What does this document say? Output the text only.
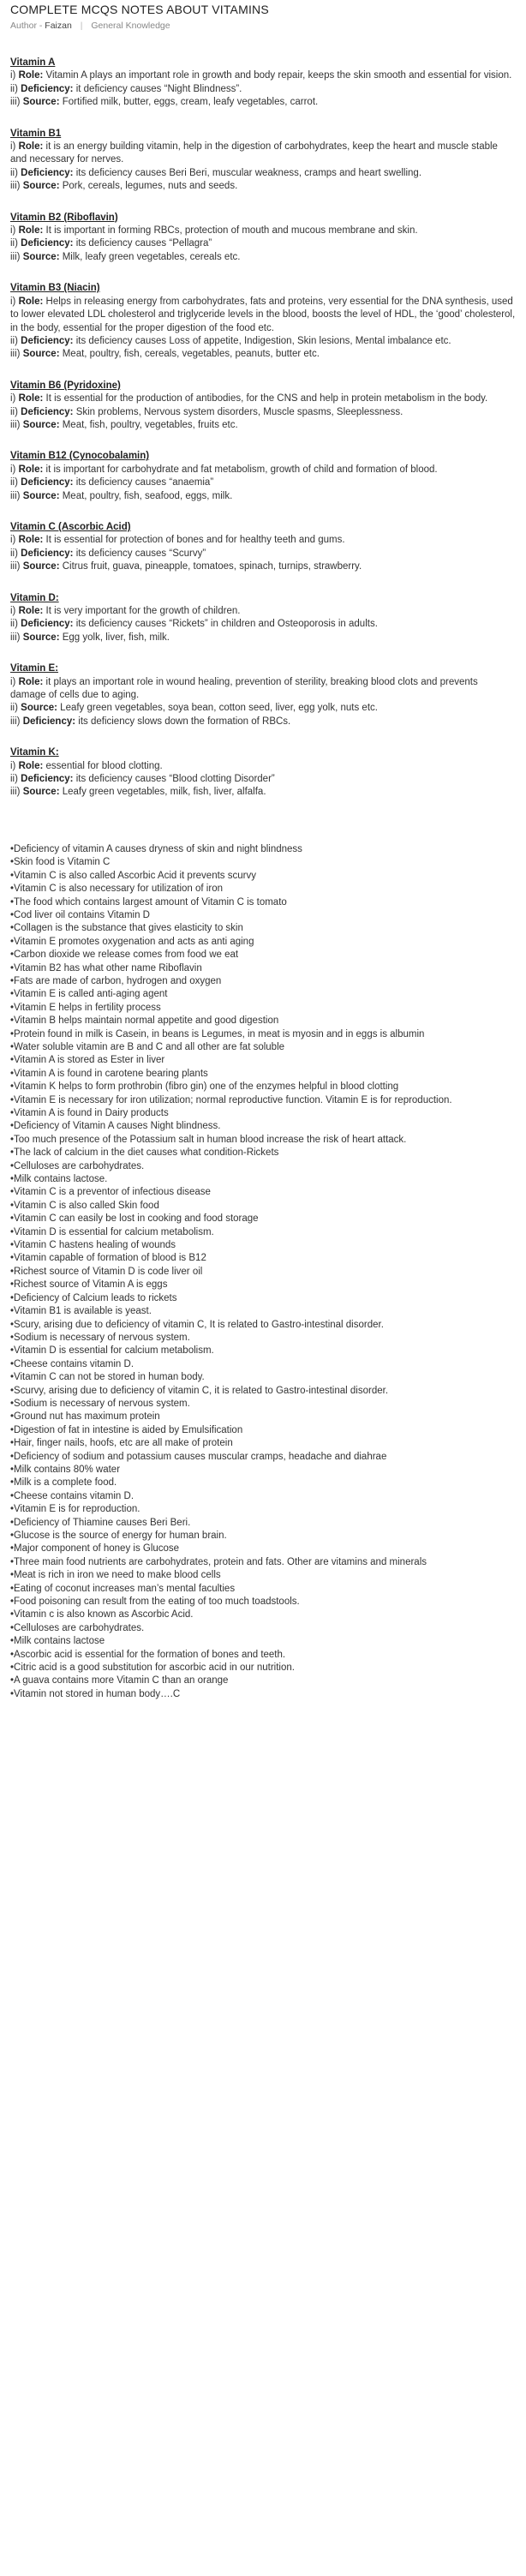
COMPLETE MCQS NOTES ABOUT VITAMINS
Author - Faizan | General Knowledge
Vitamin A
i) Role: Vitamin A plays an important role in growth and body repair, keeps the skin smooth and essential for vision.
ii) Deficiency: it deficiency causes “Night Blindness”.
iii) Source: Fortified milk, butter, eggs, cream, leafy vegetables, carrot.
Vitamin B1
i) Role: it is an energy building vitamin, help in the digestion of carbohydrates, keep the heart and muscle stable and necessary for nerves.
ii) Deficiency: its deficiency causes Beri Beri, muscular weakness, cramps and heart swelling.
iii) Source: Pork, cereals, legumes, nuts and seeds.
Vitamin B2 (Riboflavin)
i) Role: It is important in forming RBCs, protection of mouth and mucous membrane and skin.
ii) Deficiency: its deficiency causes “Pellagra”
iii) Source: Milk, leafy green vegetables, cereals etc.
Vitamin B3 (Niacin)
i) Role: Helps in releasing energy from carbohydrates, fats and proteins, very essential for the DNA synthesis, used to lower elevated LDL cholesterol and triglyceride levels in the blood, boosts the level of HDL, the ‘good’ cholesterol, in the body, essential for the proper digestion of the food etc.
ii) Deficiency: its deficiency causes Loss of appetite, Indigestion, Skin lesions, Mental imbalance etc.
iii) Source: Meat, poultry, fish, cereals, vegetables, peanuts, butter etc.
Vitamin B6 (Pyridoxine)
i) Role: It is essential for the production of antibodies, for the CNS and help in protein metabolism in the body.
ii) Deficiency: Skin problems, Nervous system disorders, Muscle spasms, Sleeplessness.
iii) Source: Meat, fish, poultry, vegetables, fruits etc.
Vitamin B12 (Cynocobalamin)
i) Role: it is important for carbohydrate and fat metabolism, growth of child and formation of blood.
ii) Deficiency: its deficiency causes “anaemia”
iii) Source: Meat, poultry, fish, seafood, eggs, milk.
Vitamin C (Ascorbic Acid)
i) Role: It is essential for protection of bones and for healthy teeth and gums.
ii) Deficiency: its deficiency causes “Scurvy”
iii) Source: Citrus fruit, guava, pineapple, tomatoes, spinach, turnips, strawberry.
Vitamin D:
i) Role: It is very important for the growth of children.
ii) Deficiency: its deficiency causes “Rickets” in children and Osteoporosis in adults.
iii) Source: Egg yolk, liver, fish, milk.
Vitamin E:
i) Role: it plays an important role in wound healing, prevention of sterility, breaking blood clots and prevents damage of cells due to aging.
ii) Source: Leafy green vegetables, soya bean, cotton seed, liver, egg yolk, nuts etc.
iii) Deficiency: its deficiency slows down the formation of RBCs.
Vitamin K:
i) Role: essential for blood clotting.
ii) Deficiency: its deficiency causes “Blood clotting Disorder”
iii) Source: Leafy green vegetables, milk, fish, liver, alfalfa.
• Deficiency of vitamin A causes dryness of skin and night blindness
• Skin food is Vitamin C
• Vitamin C is also called Ascorbic Acid it prevents scurvy
• Vitamin C is also necessary for utilization of iron
• The food which contains largest amount of Vitamin C is tomato
• Cod liver oil contains Vitamin D
• Collagen is the substance that gives elasticity to skin
• Vitamin E promotes oxygenation and acts as anti aging
• Carbon dioxide we release comes from food we eat
• Vitamin B2 has what other name Riboflavin
• Fats are made of carbon, hydrogen and oxygen
• Vitamin E is called anti-aging agent
• Vitamin E helps in fertility process
• Vitamin B helps maintain normal appetite and good digestion
• Protein found in milk is Casein, in beans is Legumes, in meat is myosin and in eggs is albumin
• Water soluble vitamin are B and C and all other are fat soluble
• Vitamin A is stored as Ester in liver
• Vitamin A is found in carotene bearing plants
• Vitamin K helps to form prothrobin (fibro gin) one of the enzymes helpful in blood clotting
• Vitamin E is necessary for iron utilization; normal reproductive function. Vitamin E is for reproduction.
• Vitamin A is found in Dairy products
• Deficiency of Vitamin A causes Night blindness.
• Too much presence of the Potassium salt in human blood increase the risk of heart attack.
• The lack of calcium in the diet causes what condition-Rickets
• Celluloses are carbohydrates.
• Milk contains lactose.
• Vitamin C is a preventor of infectious disease
• Vitamin C is also called Skin food
• Vitamin C can easily be lost in cooking and food storage
• Vitamin D is essential for calcium metabolism.
• Vitamin C hastens healing of wounds
• Vitamin capable of formation of blood is B12
• Richest source of Vitamin D is code liver oil
• Richest source of Vitamin A is eggs
• Deficiency of Calcium leads to rickets
• Vitamin B1 is available is yeast.
• Scury, arising due to deficiency of vitamin C, It is related to Gastro-intestinal disorder.
• Sodium is necessary of nervous system.
• Vitamin D is essential for calcium metabolism.
• Cheese contains vitamin D.
• Vitamin C can not be stored in human body.
• Scurvy, arising due to deficiency of vitamin C, it is related to Gastro-intestinal disorder.
• Sodium is necessary of nervous system.
• Ground nut has maximum protein
• Digestion of fat in intestine is aided by Emulsification
• Hair, finger nails, hoofs, etc are all make of protein
• Deficiency of sodium and potassium causes muscular cramps, headache and diahrae
• Milk contains 80% water
• Milk is a complete food.
• Cheese contains vitamin D.
• Vitamin E is for reproduction.
• Deficiency of Thiamine causes Beri Beri.
• Glucose is the source of energy for human brain.
• Major component of honey is Glucose
• Three main food nutrients are carbohydrates, protein and fats. Other are vitamins and minerals
• Meat is rich in iron we need to make blood cells
• Eating of coconut increases man’s mental faculties
• Food poisoning can result from the eating of too much toadstools.
• Vitamin c is also known as Ascorbic Acid.
• Celluloses are carbohydrates.
• Milk contains lactose
• Ascorbic acid is essential for the formation of bones and teeth.
• Citric acid is a good substitution for ascorbic acid in our nutrition.
• A guava contains more Vitamin C than an orange
• Vitamin not stored in human body….C
